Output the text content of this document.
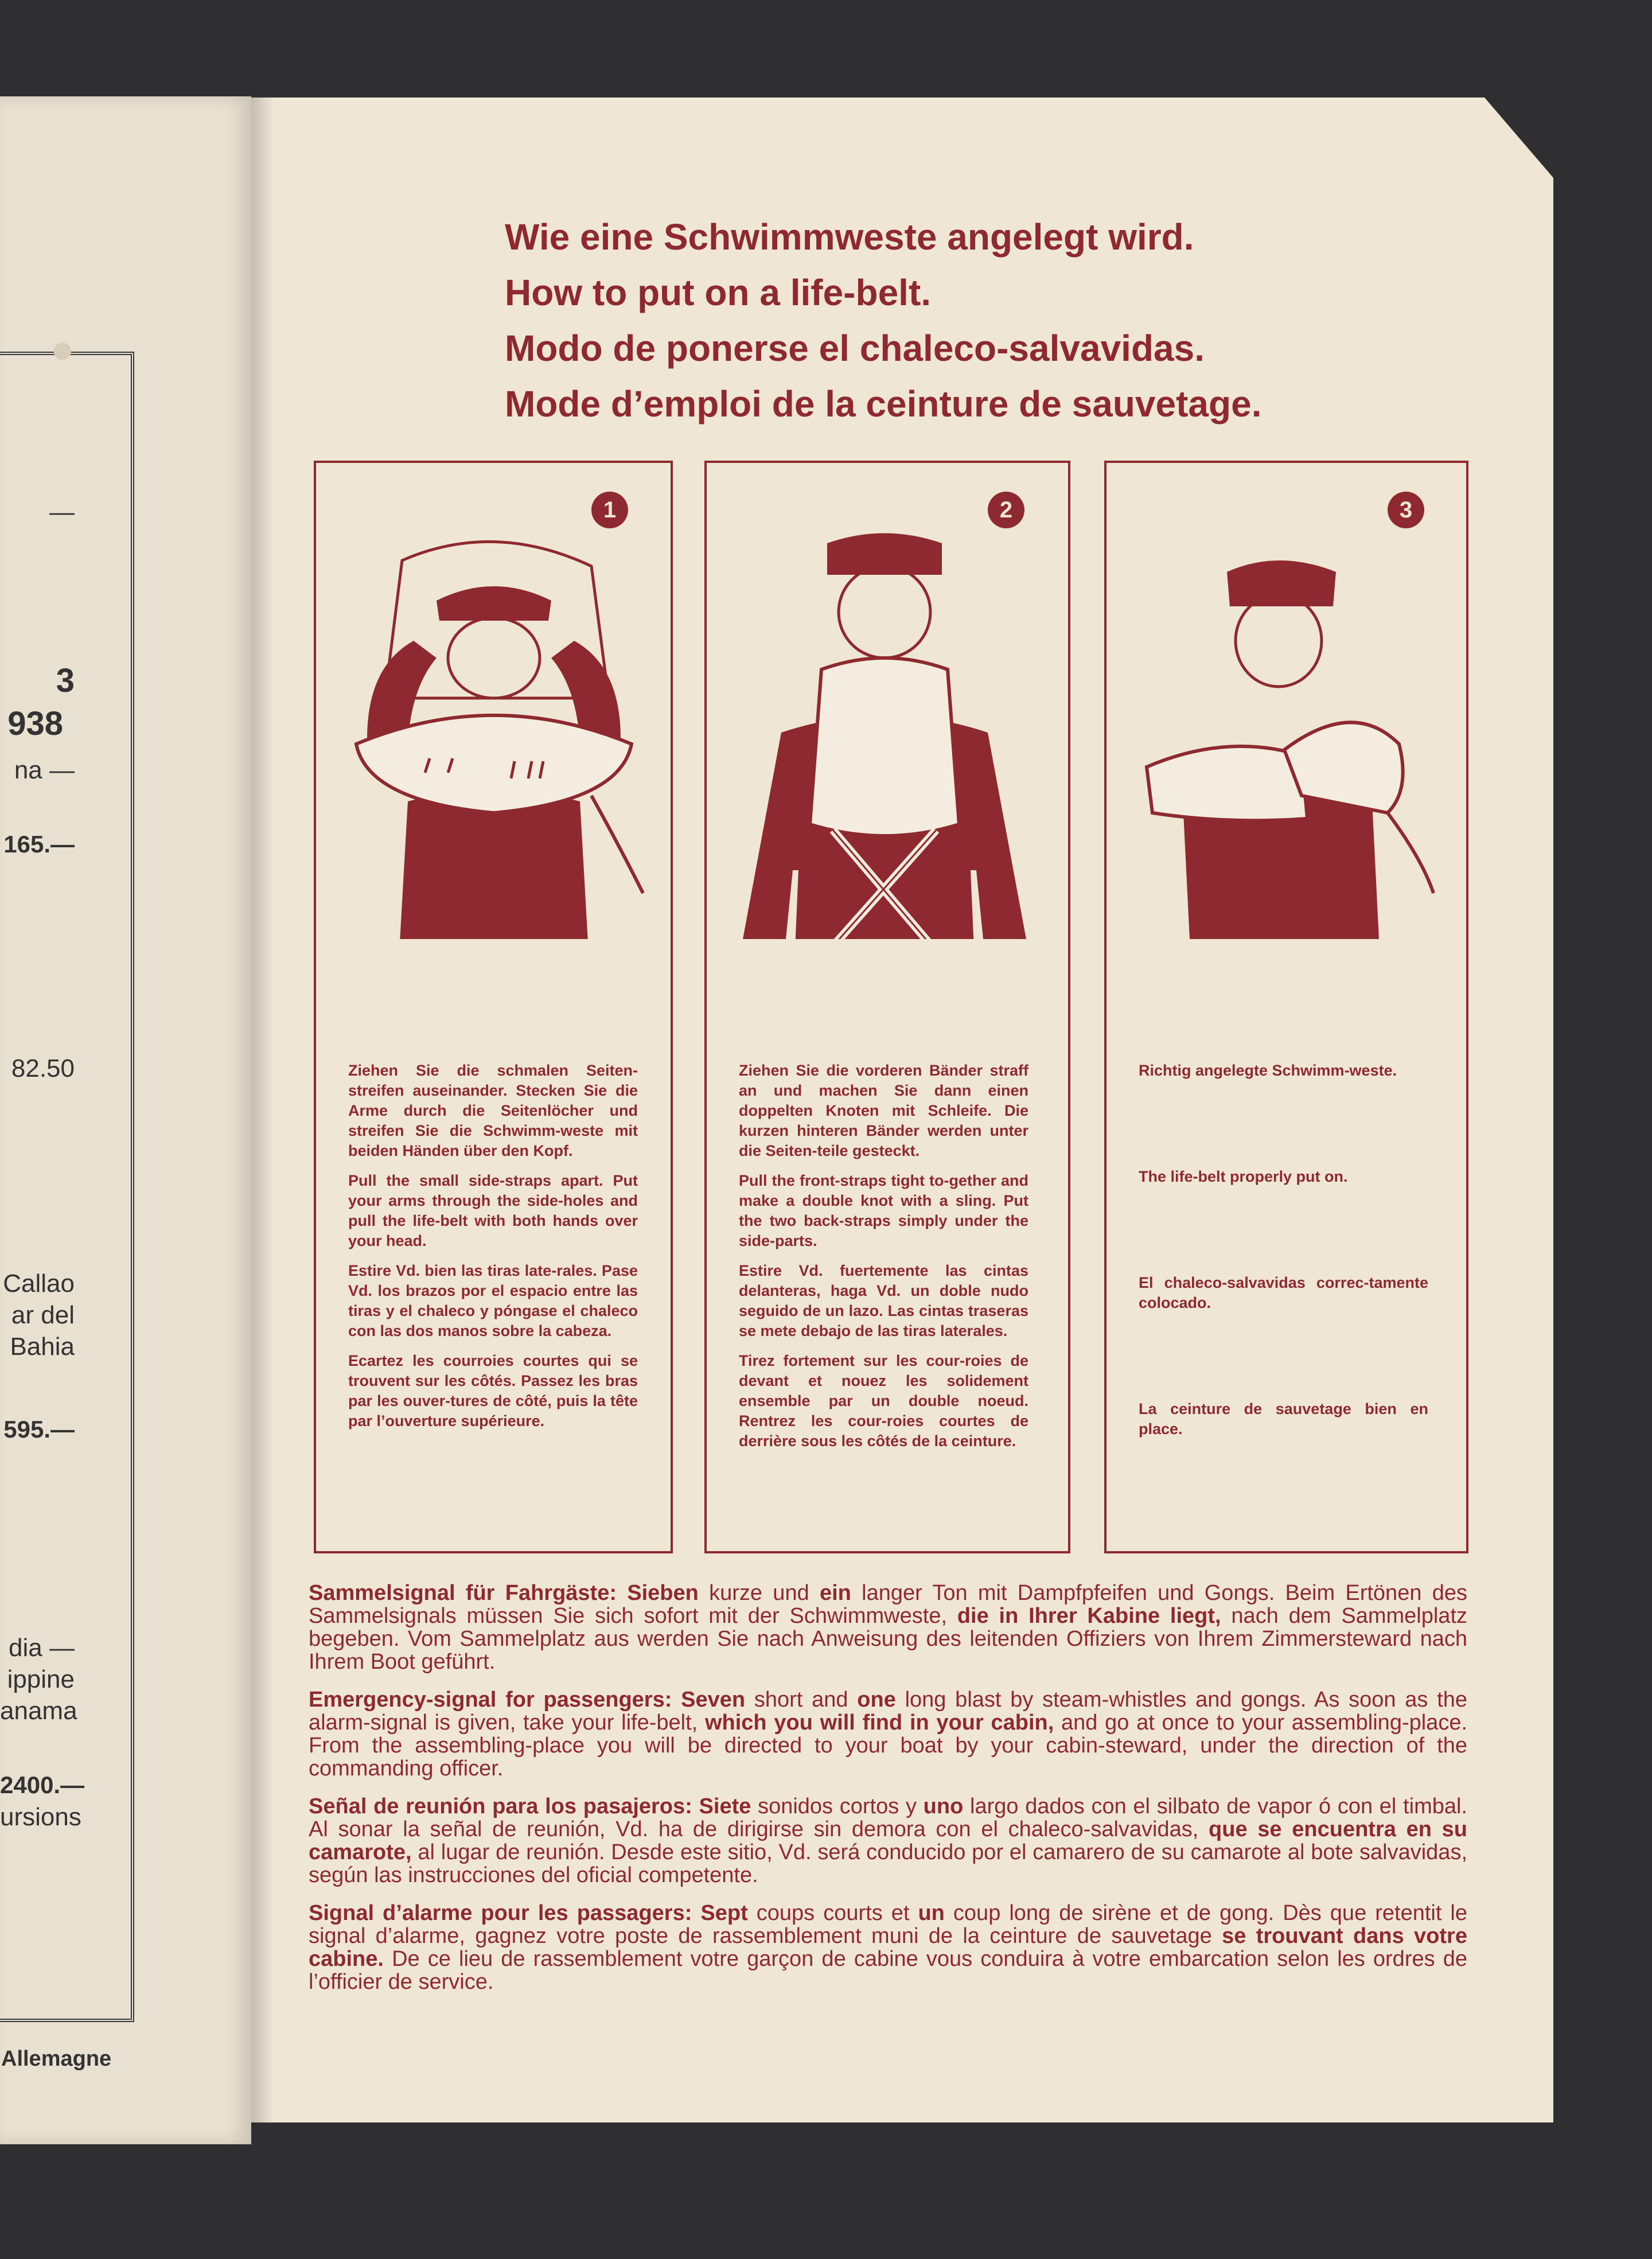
●
—
3
938
na —
165.—
82.50
Callao
ar del
Bahia
595.—
dia —
ippine
anama
2400.—
ursions
Allemagne
Wie eine Schwimmweste angelegt wird.
How to put on a life-belt.
Modo de ponerse el chaleco-salvavidas.
Mode d’emploi de la ceinture de sauvetage.
1

Ziehen Sie die schmalen Seiten-streifen auseinander. Stecken Sie die Arme durch die Seitenlöcher und streifen Sie die Schwimm-weste mit beiden Händen über den Kopf.

Pull the small side-straps apart. Put your arms through the side-holes and pull the life-belt with both hands over your head.

Estire Vd. bien las tiras late-rales. Pase Vd. los brazos por el espacio entre las tiras y el chaleco y póngase el chaleco con las dos manos sobre la cabeza.

Ecartez les courroies courtes qui se trouvent sur les côtés. Passez les bras par les ouver-tures de côté, puis la tête par l’ouverture supérieure.

2

Ziehen Sie die vorderen Bänder straff an und machen Sie dann einen doppelten Knoten mit Schleife. Die kurzen hinteren Bänder werden unter die Seiten-teile gesteckt.

Pull the front-straps tight to-gether and make a double knot with a sling. Put the two back-straps simply under the side-parts.

Estire Vd. fuertemente las cintas delanteras, haga Vd. un doble nudo seguido de un lazo. Las cintas traseras se mete debajo de las tiras laterales.

Tirez fortement sur les cour-roies de devant et nouez les solidement ensemble par un double noeud. Rentrez les cour-roies courtes de derrière sous les côtés de la ceinture.

3

Richtig angelegte Schwimm-weste.

The life-belt properly put on.

El chaleco-salvavidas correc-tamente colocado.

La ceinture de sauvetage bien en place.

Sammelsignal für Fahrgäste: Sieben kurze und ein langer Ton mit Dampfpfeifen und Gongs. Beim Ertönen des Sammelsignals müssen Sie sich sofort mit der Schwimmweste, die in Ihrer Kabine liegt, nach dem Sammelplatz begeben. Vom Sammelplatz aus werden Sie nach Anweisung des leitenden Offiziers von Ihrem Zimmersteward nach Ihrem Boot geführt.

Emergency-signal for passengers: Seven short and one long blast by steam-whistles and gongs. As soon as the alarm-signal is given, take your life-belt, which you will find in your cabin, and go at once to your assembling-place. From the assembling-place you will be directed to your boat by your cabin-steward, under the direction of the commanding officer.

Señal de reunión para los pasajeros: Siete sonidos cortos y uno largo dados con el silbato de vapor ó con el timbal. Al sonar la señal de reunión, Vd. ha de dirigirse sin demora con el chaleco-salvavidas, que se encuentra en su camarote, al lugar de reunión. Desde este sitio, Vd. será conducido por el camarero de su camarote al bote salvavidas, según las instrucciones del oficial competente.

Signal d’alarme pour les passagers: Sept coups courts et un coup long de sirène et de gong. Dès que retentit le signal d’alarme, gagnez votre poste de rassemblement muni de la ceinture de sauvetage se trouvant dans votre cabine. De ce lieu de rassemblement votre garçon de cabine vous conduira à votre embarcation selon les ordres de l’officier de service.
